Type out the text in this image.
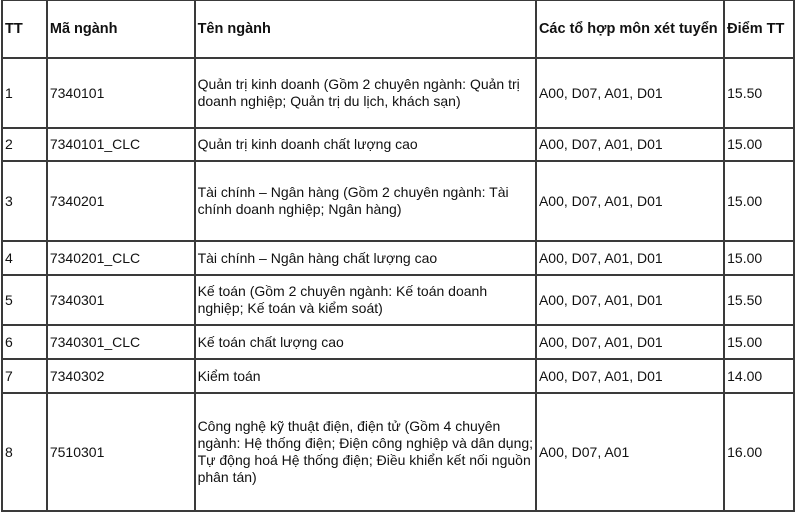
TT	Mã ngành	Tên ngành	Các tổ hợp môn xét tuyển	Điểm TT
1	7340101	Quản trị kinh doanh (Gồm 2 chuyên ngành: Quản trị doanh nghiệp; Quản trị du lịch, khách sạn)	A00, D07, A01, D01	15.50
2	7340101_CLC	Quản trị kinh doanh chất lượng cao	A00, D07, A01, D01	15.00
3	7340201	Tài chính – Ngân hàng (Gồm 2 chuyên ngành: Tài chính doanh nghiệp; Ngân hàng)	A00, D07, A01, D01	15.00
4	7340201_CLC	Tài chính – Ngân hàng chất lượng cao	A00, D07, A01, D01	15.00
5	7340301	Kế toán (Gồm 2 chuyên ngành: Kế toán doanh nghiệp; Kế toán và kiểm soát)	A00, D07, A01, D01	15.50
6	7340301_CLC	Kế toán chất lượng cao	A00, D07, A01, D01	15.00
7	7340302	Kiểm toán	A00, D07, A01, D01	14.00
8	7510301	Công nghệ kỹ thuật điện, điện tử (Gồm 4 chuyên ngành: Hệ thống điện; Điện công nghiệp và dân dụng; Tự động hoá Hệ thống điện; Điều khiển kết nối nguồn phân tán)	A00, D07, A01	16.00
